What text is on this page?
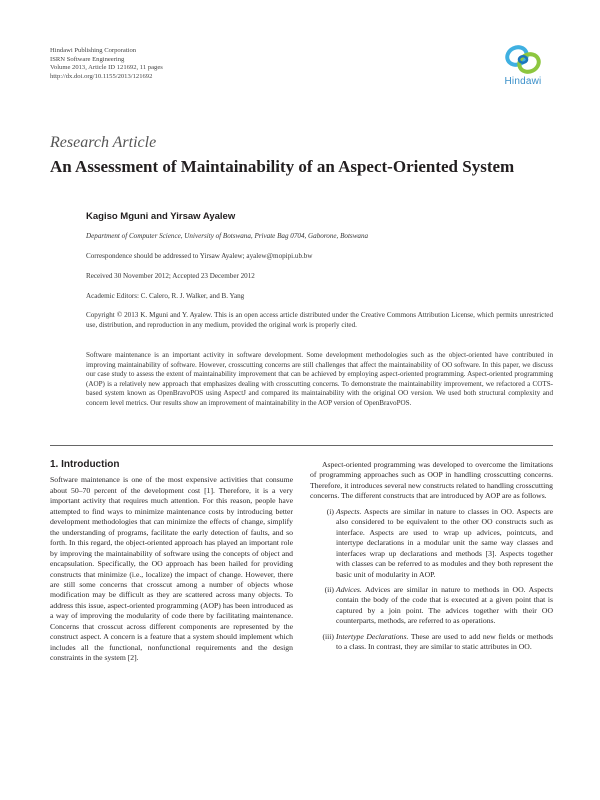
Hindawi Publishing Corporation
ISRN Software Engineering
Volume 2013, Article ID 121692, 11 pages
http://dx.doi.org/10.1155/2013/121692	Hindawi
Research Article
An Assessment of Maintainability of an Aspect-Oriented System
Kagiso Mguni and Yirsaw Ayalew
Department of Computer Science, University of Botswana, Private Bag 0704, Gaborone, Botswana
Correspondence should be addressed to Yirsaw Ayalew; ayalew@mopipi.ub.bw
Received 30 November 2012; Accepted 23 December 2012
Academic Editors: C. Calero, R. J. Walker, and B. Yang
Copyright © 2013 K. Mguni and Y. Ayalew. This is an open access article distributed under the Creative Commons Attribution License, which permits unrestricted use, distribution, and reproduction in any medium, provided the original work is properly cited.
Software maintenance is an important activity in software development. Some development methodologies such as the object-oriented have contributed in improving maintainability of software. However, crosscutting concerns are still challenges that affect the maintainability of OO software. In this paper, we discuss our case study to assess the extent of maintainability improvement that can be achieved by employing aspect-oriented programming. Aspect-oriented programming (AOP) is a relatively new approach that emphasizes dealing with crosscutting concerns. To demonstrate the maintainability improvement, we refactored a COTS-based system known as OpenBravoPOS using AspectJ and compared its maintainability with the original OO version. We used both structural complexity and concern level metrics. Our results show an improvement of maintainability in the AOP version of OpenBravoPOS.
1. Introduction

Software maintenance is one of the most expensive activities that consume about 50–70 percent of the development cost [1]. Therefore, it is a very important activity that requires much attention. For this reason, people have attempted to find ways to minimize maintenance costs by introducing better development methodologies that can minimize the effects of change, simplify the understanding of programs, facilitate the early detection of faults, and so forth. In this regard, the object-oriented approach has played an important role by improving the maintainability of software using the concepts of object and encapsulation. Specifically, the OO approach has been hailed for providing constructs that minimize (i.e., localize) the impact of change. However, there are still some concerns that crosscut among a number of objects whose modification may be difficult as they are scattered across many objects. To address this issue, aspect-oriented programming (AOP) has been introduced as a way of improving the modularity of code there by facilitating maintenance. Concerns that crosscut across different components are represented by the construct aspect. A concern is a feature that a system should implement which includes all the functional, nonfunctional requirements and the design constraints in the system [2].

Aspect-oriented programming was developed to overcome the limitations of programming approaches such as OOP in handling crosscutting concerns. Therefore, it introduces several new constructs related to handling crosscutting concerns. The different constructs that are introduced by AOP are as follows.

(i) Aspects. Aspects are similar in nature to classes in OO. Aspects are also considered to be equivalent to the other OO constructs such as interface. Aspects are used to wrap up advices, pointcuts, and intertype declarations in a modular unit the same way classes and interfaces wrap up declarations and methods [3]. Aspects together with classes can be referred to as modules and they both represent the basic unit of modularity in AOP.
(ii) Advices. Advices are similar in nature to methods in OO. Aspects contain the body of the code that is executed at a given point that is captured by a join point. The advices together with their OO counterparts, methods, are referred to as operations.
(iii) Intertype Declarations. These are used to add new fields or methods to a class. In contrast, they are similar to static attributes in OO.
